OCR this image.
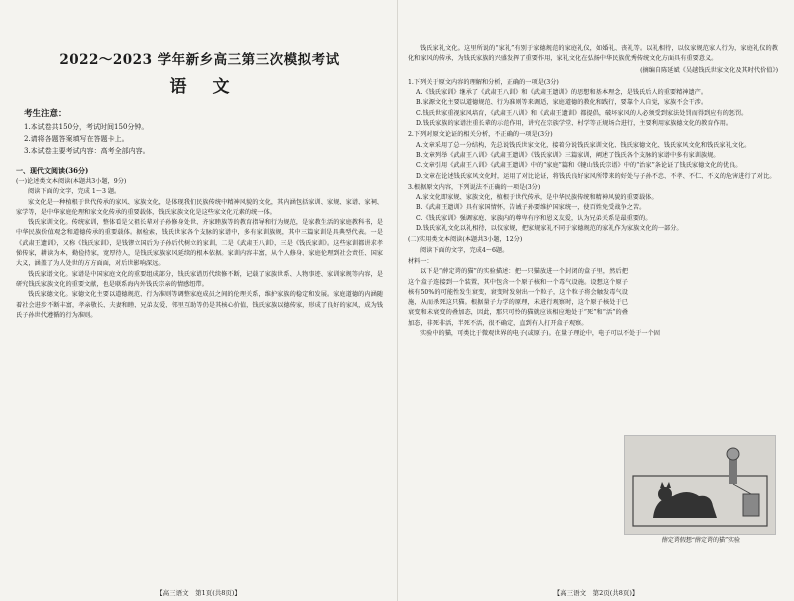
2022～2023 学年新乡高三第三次模拟考试
语文
考生注意：
1.本试卷共150分，考试时间150分钟。
2.请将各题答案填写在答题卡上。
3.本试卷主要考试内容：高考全部内容。
一、现代文阅读(36分)
(一)论述类文本阅读(本题共3小题，9分)

阅读下面的文字，完成 1～3 题。

家文化是一种植根于世代传承的家风、家族文化，是体现我们民族传统中精神风貌的文化，其内涵包括家训、家规、家谱、家祠、家学等，是中华家庭伦理和家文化传承的重要载体，钱氏家族文化是这些家文化元素的统一体。

钱氏家训文化。传统家训，整体看是父祖长辈对子孙修身处世、齐家睦族等的教育指导和行为规范，是家教生活的家庭教科书，是中华民族价值观念和道德传承的重要载体。据检索，钱氏世家各个支脉的家谱中，多有家训族规，其中三篇家训是具典型代表。一是《武肃王遗训》，又称《钱氏家训》，是钱镠立国后为子孙后代树立的家训，二是《武肃王八训》，三是《钱氏家训》。这些家训都讲求孝悌传家，耕读为本，勤俭持家，宽厚待人，是钱氏家族家风延续的根本依据。家训内容丰富，从个人修身、家庭伦理到社会责任、国家大义，涵盖了为人处世的方方面面，对后世影响深远。

钱氏家谱文化。家谱是中国家庭文化的重要组成部分，钱氏家谱历代续修不断，记载了家族世系、人物事迹、家训家规等内容，是研究钱氏家族文化的重要文献，也是联系海内外钱氏宗亲的情感纽带。

钱氏家德文化。家德文化主要以道德规范、行为准则等调整家庭成员之间的伦理关系，维护家族的稳定和发展。家庭道德的内涵随着社会进步不断丰富，孝亲敬长、夫妻和睦、兄弟友爱、邻里互助等仍是其核心价值，钱氏家族以德传家，形成了良好的家风，成为钱氏子孙世代遵循的行为准则。

【高三语文　第1页(共8页)】

钱氏家礼文化。这里所说的“家礼”有别于家德规范的家庭礼仪，如婚礼、丧礼等。以礼相待，以仪家规范家人行为，家庭礼仪的教化和家风的传承，为钱氏家族的兴盛发挥了重要作用，家礼文化在弘扬中华民族优秀传统文化方面具有重要意义。

(摘编自陈延斌《吴越钱氏世家文化及其时代价值》)
1.下列关于原文内容的理解和分析，正确的一项是(3分)
A.《钱氏家训》继承了《武肃王八训》和《武肃王遗训》的思想和基本理念，是钱氏后人的重要精神遗产。
B.家源文化主要以道德规范、行为准则等来调适，家庭道德的教化和践行，要靠个人自觉，家族不会干涉。
C.钱氏世家重视家风培育，《武肃王八训》和《武肃王遗训》都提倡，破坏家风的人必须受到家法处罚而得到应有的惩罚。
D.钱氏家族的家谱注重长辈的示范作用，讲究在宗族学堂、村学等正规场合进行，主要利用家族德文化的教育作用。
2.下列对原文论证的相关分析，不正确的一项是(3分)
A.文章采用了总一分结构，先总说钱氏世家文化，接着分说钱氏家训文化、钱氏家德文化、钱氏家风文化和钱氏家礼文化。
B.文章列举《武肃王八训》《武肃王遗训》《钱氏家训》三篇家训，阐述了钱氏各个支脉的家谱中多有家训族规。
C.文章引用《武肃王八训》《武肃王遗训》中的“家庭”篇和《犍山钱氏宗谱》中的“治家”条论证了钱氏家德文化的优良。
D.文章在论述钱氏家风文化时，运用了对比论证，将钱氏良好家风所带来的好处与子孙不忠、不孝、不仁、不义的危害进行了对比。
3.根据原文内容，下列说法不正确的一项是(3分)
A.家文化即家规、家族文化，植根于世代传承，是中华民族传统和精神风貌的重要载体。
B.《武肃王遗训》具有家国情怀，告诫子孙要维护国家统一，使百姓免受战争之苦。
C.《钱氏家训》强调家庭、家族内的尊卑有序和恩义友爱，认为兄弟关系是最重要的。
D.钱氏家礼文化以礼相待，以仪家规，把家规家礼不同于家德规范的家礼作为家族文化的一部分。
(二)实用类文本阅读(本题共3小题，12分)

阅读下面的文字，完成4～6题。

材料一：

以下是“薛定谔的猫”的实验描述：把一只猫放进一个封闭的盒子里，然后把这个盒子连接到一个装置，其中包含一个原子核和一个毒气设施。设想这个原子核有50%的可能性发生衰变，衰变时发射出一个粒子，这个粒子将会触发毒气设施，从而杀死这只猫。根据量子力学的原理，未进行观察时，这个原子核处于已衰变和未衰变的叠加态，因此，那只可怜的猫就应该相应地处于“死”和“活”的叠加态，非死非活，半死不活，很不确定，直到有人打开盒子观察。

实验中的猫，可类比于微观世界的电子(或原子)。在量子理论中，电子可以不处于一个固

薛定谔假想“薛定谔的猫”实验
【高三语文　第2页(共8页)】
